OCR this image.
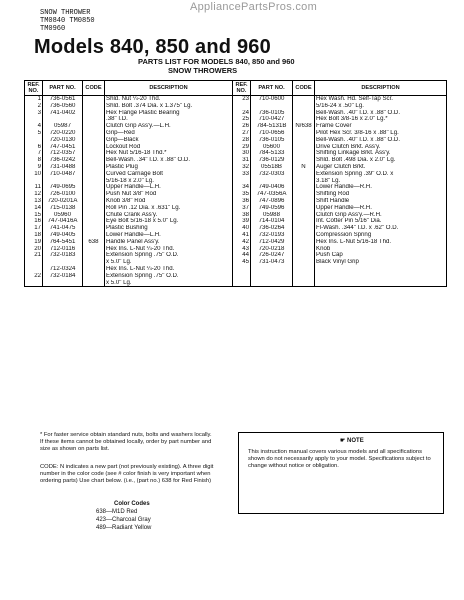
AppliancePartsPros.com
SNOW THROWER
TM0840 TM0850
TM0960
Models 840, 850 and 960
PARTS LIST FOR MODELS 840, 850 and 960
SNOW THROWERS
REF. NO.	PART NO.	CODE	DESCRIPTION	REF. NO.	PART NO.	CODE	DESCRIPTION
1	736-0561		Shld. Nut ¼-20 Thd.	23	710-0600		Hex Wash. Hd. Self-Tap Scr.
2	736-0560		Shld. Bolt .374 Dia. x 1.375" Lg.				5/16-24 x .50" Lg.
3	741-0402		Hex Flange Plastic Bearing	24	736-0105		Bell-Wash. .40" I.D. x .88" O.D.
			.38" I.D.	25	710-0427		Hex Bolt 3/8-16 x 2.0" Lg.*
4	05987		Clutch Grip Ass'y.—L.H.	26	784-5131B	N/638	Frame Cover
5	720-0220		Grip—Red	27	710-0656		Pilot Hex Scr. 3/8-16 x .88" Lg.
	720-0130		Grip—Black	28	736-0105		Bell-Wash. .40" I.D. x .88" O.D.
6	747-0451		Lockout Rod	29	05600		Drive Clutch Brkt. Ass'y.
7	712-0357		Hex Nut 5/16-18 Thd.*	30	784-5133		Shifting Linkage Brkt. Ass'y.
8	736-0242		Bell-Wash. .34" I.D. x .88" O.D.	31	736-0129		Shld. Bolt .498 Dia. x 2.0" Lg.
9	731-0488		Plastic Plug	32	05518B	N	Auger Clutch Brkt.
10	710-0487		Curved Carriage Bolt	33	732-0303		Extension Spring .39" O.D. x
			5/16-18 x 2.0" Lg.				3.18" Lg.
11	749-0695		Upper Handle—L.H.	34	749-0406		Lower Handle—R.H.
12	726-0100		Push Nut 3/8" Rod	35	747-0356A		Shifting Rod
13	720-0201A		Knob 3/8" Rod	36	747-0896		Shift Handle
14	715-0138		Roll Pin .12 Dia. x .631" Lg.	37	749-0596		Upper Handle—R.H.
15	05960		Chute Crank Ass'y.	38	05988		Clutch Grip Ass'y.—R.H.
16	747-0416A		Eye Bolt 5/16-18 x 5.0" Lg.	39	714-0104		Int. Cotter Pin 5/16" Dia.
17	741-0475		Plastic Bushing	40	736-0264		Fl-Wash. .344" I.D. x .62" O.D.
18	749-0405		Lower Handle—L.H.	41	732-0193		Compression Spring
19	764-5451	638	Handle Panel Ass'y.	42	712-0429		Hex Ins. L-Nut 5/16-18 Thd.
20	712-0116		Hex Ins. L-Nut ¼-20 Thd.	43	720-0218		Knob
21	732-0183		Extension Spring .75" O.D.	44	726-0247		Push Cap
			x 5.0" Lg.	45	731-0473		Black Vinyl Grip
	712-0324		Hex Ins. L-Nut ¼-20 Thd.				
22	732-0184		Extension Spring .75" O.D.				
			x 5.0" Lg.				
* For faster service obtain standard nuts, bolts and washers locally. If these items cannot be obtained locally, order by part number and size as shown on parts list.
CODE: N indicates a new part (not previously existing). A three digit number in the color code (see # color finish is very important when ordering parts) Use chart below. (i.e., (part no.) 638 for Red Finish)
Color Codes
638—M1D Red
423—Charcoal Gray
489—Radiant Yellow
☛ NOTE
This instruction manual covers various models and all specifications shown do not necessarily apply to your model. Specifications subject to change without notice or obligation.
